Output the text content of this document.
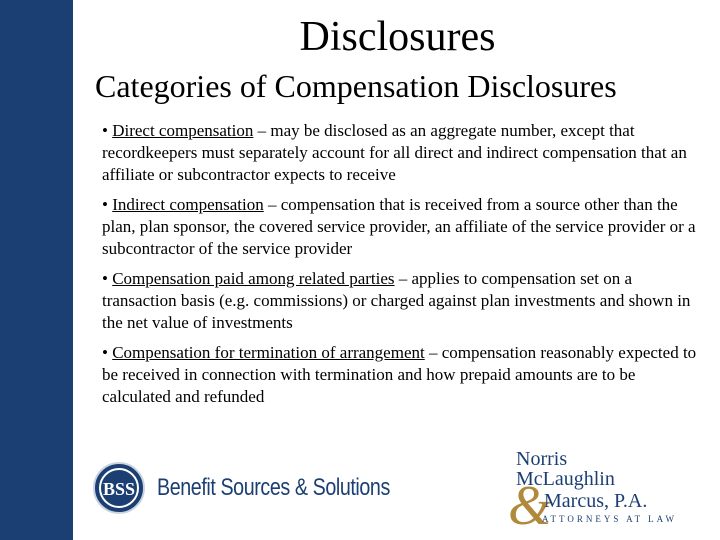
Disclosures
Categories of Compensation Disclosures
• Direct compensation – may be disclosed as an aggregate number, except that recordkeepers must separately account for all direct and indirect compensation that an affiliate or subcontractor expects to receive
• Indirect compensation – compensation that is received from a source other than the plan, plan sponsor, the covered service provider, an affiliate of the service provider or a subcontractor of the service provider
• Compensation paid among related parties – applies to compensation set on a transaction basis (e.g. commissions) or charged against plan investments and shown in the net value of investments
• Compensation for termination of arrangement – compensation reasonably expected to be received in connection with termination and how prepaid amounts are to be calculated and refunded
BSS Benefit Sources & Solutions
Norris
McLaughlin
&
Marcus, P.A.
ATTORNEYS AT LAW
